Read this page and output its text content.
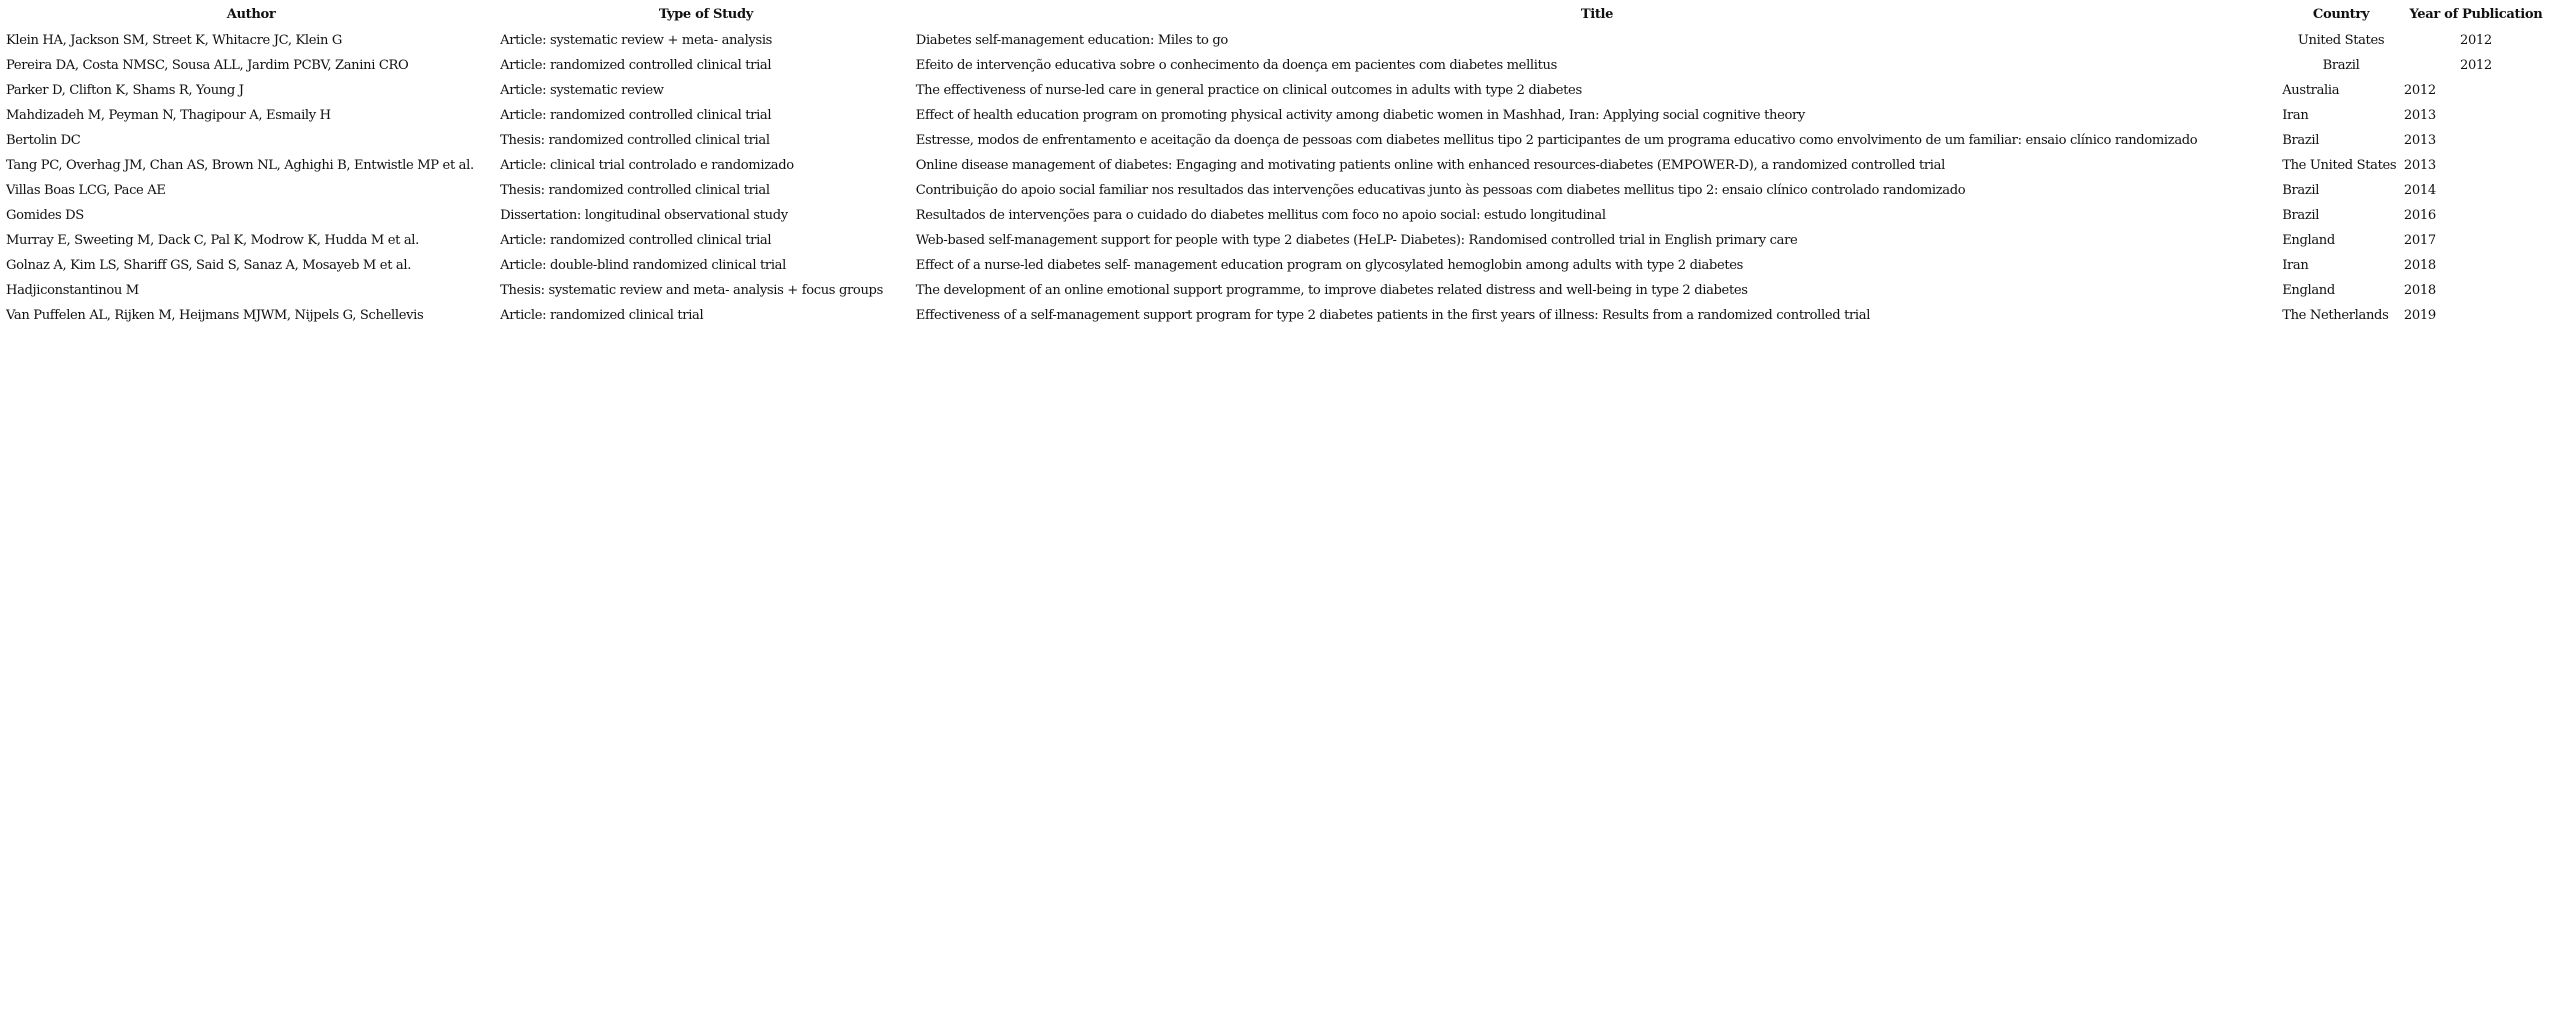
Author	Type of Study	Title	Country	Year of Publication
Klein HA, Jackson SM, Street K, Whitacre JC, Klein G	Article: systematic review + meta- analysis	Diabetes self-management education: Miles to go	United States	2012
Pereira DA, Costa NMSC, Sousa ALL, Jardim PCBV, Zanini CRO	Article: randomized controlled clinical trial	Efeito de intervenção educativa sobre o conhecimento da doença em pacientes com diabetes mellitus	Brazil	2012
Parker D, Clifton K, Shams R, Young J	Article: systematic review	The effectiveness of nurse-led care in general practice on clinical outcomes in adults with type 2 diabetes	Australia	2012
Mahdizadeh M, Peyman N, Thagipour A, Esmaily H	Article: randomized controlled clinical trial	Effect of health education program on promoting physical activity among diabetic women in Mashhad, Iran: Applying social cognitive theory	Iran	2013
Bertolin DC	Thesis: randomized controlled clinical trial	Estresse, modos de enfrentamento e aceitação da doença de pessoas com diabetes mellitus tipo 2 participantes de um programa educativo como envolvimento de um familiar: ensaio clínico randomizado	Brazil	2013
Tang PC, Overhag JM, Chan AS, Brown NL, Aghighi B, Entwistle MP et al.	Article: clinical trial controlado e randomizado	Online disease management of diabetes: Engaging and motivating patients online with enhanced resources-diabetes (EMPOWER-D), a randomized controlled trial	The United States	2013
Villas Boas LCG, Pace AE	Thesis: randomized controlled clinical trial	Contribuição do apoio social familiar nos resultados das intervenções educativas junto às pessoas com diabetes mellitus tipo 2: ensaio clínico controlado randomizado	Brazil	2014
Gomides DS	Dissertation: longitudinal observational study	Resultados de intervenções para o cuidado do diabetes mellitus com foco no apoio social: estudo longitudinal	Brazil	2016
Murray E, Sweeting M, Dack C, Pal K, Modrow K, Hudda M et al.	Article: randomized controlled clinical trial	Web-based self-management support for people with type 2 diabetes (HeLP- Diabetes): Randomised controlled trial in English primary care	England	2017
Golnaz A, Kim LS, Shariff GS, Said S, Sanaz A, Mosayeb M et al.	Article: double-blind randomized clinical trial	Effect of a nurse-led diabetes self- management education program on glycosylated hemoglobin among adults with type 2 diabetes	Iran	2018
Hadjiconstantinou M	Thesis: systematic review and meta- analysis + focus groups	The development of an online emotional support programme, to improve diabetes related distress and well-being in type 2 diabetes	England	2018
Van Puffelen AL, Rijken M, Heijmans MJWM, Nijpels G, Schellevis	Article: randomized clinical trial	Effectiveness of a self-management support program for type 2 diabetes patients in the first years of illness: Results from a randomized controlled trial	The Netherlands	2019
